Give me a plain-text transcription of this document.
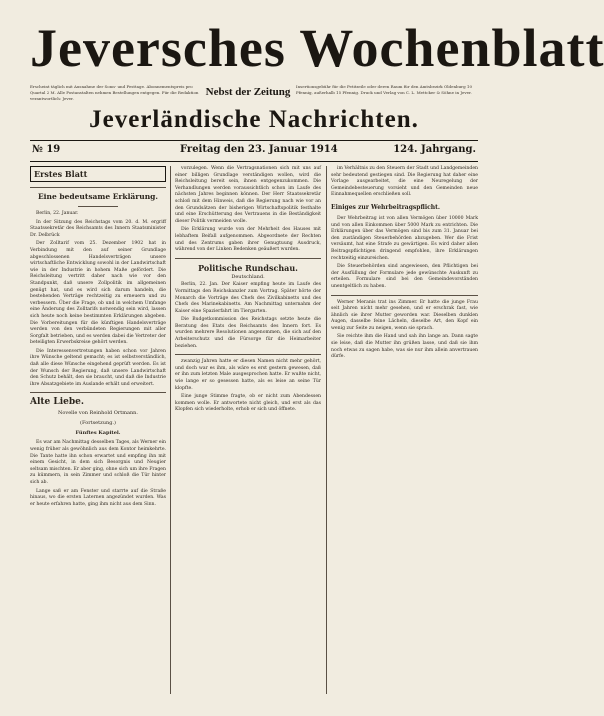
Jeversches Wochenblatt
Erscheint täglich mit Ausnahme der Sonn- und Festtage. Abonnementspreis pro Quartal 2 M. Alle Postanstalten nehmen Bestellungen entgegen. Für die Redaktion verantwortlich: Jever.
Nebst der Zeitung	Insertionsgebühr für die Petitzeile oder deren Raum für den Amtsbezirk Oldenburg 10 Pfennig, außerhalb 15 Pfennig. Druck und Verlag von C. L. Mettcker & Söhne in Jever.
Jeverländische Nachrichten.
№ 19	Freitag den 23. Januar 1914	124. Jahrgang.
Erstes Blatt
Eine bedeutsame Erklärung.

Berlin, 22. Januar.

In der Sitzung des Reichstags vom 20. d. M. ergriff Staatssekretär des Reichsamts des Innern Staatsminister Dr. Delbrück

Der Zolltarif vom 25. Dezember 1902 hat in Verbindung mit den auf seiner Grundlage abgeschlossenen Handelsverträgen unsere wirtschaftliche Entwicklung sowohl in der Landwirtschaft wie in der Industrie in hohem Maße gefördert. Die Reichsleitung vertritt daher nach wie vor den Standpunkt, daß unsere Zollpolitik im allgemeinen genügt hat, und es wird sich darum handeln, die bestehenden Verträge rechtzeitig zu erneuern und zu verbessern. Über die Frage, ob und in welchem Umfange eine Änderung des Zolltarifs notwendig sein wird, lassen sich heute noch keine bestimmten Erklärungen abgeben. Die Vorbereitungen für die künftigen Handelsverträge werden von den verbündeten Regierungen mit aller Sorgfalt betrieben, und es werden dabei die Vertreter der beteiligten Erwerbskreise gehört werden.

Die Interessenvertretungen haben schon vor Jahren ihre Wünsche geltend gemacht; es ist selbstverständlich, daß alle diese Wünsche eingehend geprüft werden. Es ist der Wunsch der Regierung, daß unsere Landwirtschaft den Schutz behält, den sie braucht, und daß die Industrie ihre Absatzgebiete im Auslande erhält und erweitert.

Alte Liebe.
Novelle von Reinhold Ortmann.
(Fortsetzung.)
Fünftes Kapitel.

Es war am Nachmittag desselben Tages, als Werner ein wenig früher als gewöhnlich aus dem Kontor heimkehrte. Die Tante hatte ihn schon erwartet und empfing ihn mit einem Gesicht, in dem sich Besorgnis und Neugier seltsam mischten. Er aber ging, ohne sich um ihre Fragen zu kümmern, in sein Zimmer und schloß die Tür hinter sich ab.

Lange saß er am Fenster und starrte auf die Straße hinaus, wo die ersten Laternen angezündet wurden. Was er heute erfahren hatte, ging ihm nicht aus dem Sinn.

vorzulegen. Wenn die Vertragsnationen sich mit uns auf einer billigen Grundlage verständigen wollen, wird die Reichsleitung bereit sein, ihnen entgegenzukommen. Die Verhandlungen werden voraussichtlich schon im Laufe des nächsten Jahres beginnen können. Der Herr Staatssekretär schloß mit dem Hinweis, daß die Regierung nach wie vor an den Grundsätzen der bisherigen Wirtschaftspolitik festhalte und eine Erschütterung des Vertrauens in die Beständigkeit dieser Politik vermeiden wolle.

Die Erklärung wurde von der Mehrheit des Hauses mit lebhaftem Beifall aufgenommen. Abgeordnete der Rechten und des Zentrums gaben ihrer Genugtuung Ausdruck, während von der Linken Bedenken geäußert wurden.

Politische Rundschau.
Deutschland.

Berlin, 22. Jan. Der Kaiser empfing heute im Laufe des Vormittags den Reichskanzler zum Vortrag. Später hörte der Monarch die Vorträge des Chefs des Zivilkabinetts und des Chefs des Marinekabinetts. Am Nachmittag unternahm der Kaiser eine Spazierfahrt im Tiergarten.

Die Budgetkommission des Reichstags setzte heute die Beratung des Etats des Reichsamts des Innern fort. Es wurden mehrere Resolutionen angenommen, die sich auf den Arbeiterschutz und die Fürsorge für die Heimarbeiter beziehen.

zwanzig Jahren hatte er diesen Namen nicht mehr gehört, und doch war es ihm, als wäre es erst gestern gewesen, daß er ihn zum letzten Male ausgesprochen hatte. Er wußte nicht, wie lange er so gesessen hatte, als es leise an seine Tür klopfte.

Eine junge Stimme fragte, ob er nicht zum Abendessen kommen wolle. Er antwortete nicht gleich, und erst als das Klopfen sich wiederholte, erhob er sich und öffnete.

im Verhältnis zu den Steuern der Stadt und Landgemeinden sehr bedeutend gestiegen sind. Die Regierung hat daher eine Vorlage ausgearbeitet, die eine Neuregelung der Gemeindebesteuerung vorsieht und den Gemeinden neue Einnahmequellen erschließen soll.

Einiges zur Wehrbeitragspflicht.

Der Wehrbeitrag ist von allen Vermögen über 10000 Mark und von allen Einkommen über 5000 Mark zu entrichten. Die Erklärungen über das Vermögen sind bis zum 31. Januar bei den zuständigen Steuerbehörden abzugeben. Wer die Frist versäumt, hat eine Strafe zu gewärtigen. Es wird daher allen Beitragspflichtigen dringend empfohlen, ihre Erklärungen rechtzeitig einzureichen.

Die Steuerbehörden sind angewiesen, den Pflichtigen bei der Ausfüllung der Formulare jede gewünschte Auskunft zu erteilen. Formulare sind bei den Gemeindevorständen unentgeltlich zu haben.

Werner Meranis trat ins Zimmer. Er hatte die junge Frau seit Jahren nicht mehr gesehen, und er erschrak fast, wie ähnlich sie ihrer Mutter geworden war. Dieselben dunklen Augen, dasselbe feine Lächeln, dieselbe Art, den Kopf ein wenig zur Seite zu neigen, wenn sie sprach.

Sie reichte ihm die Hand und sah ihn lange an. Dann sagte sie leise, daß die Mutter ihn grüßen lasse, und daß sie ihm noch etwas zu sagen habe, was sie nur ihm allein anvertrauen dürfe.
